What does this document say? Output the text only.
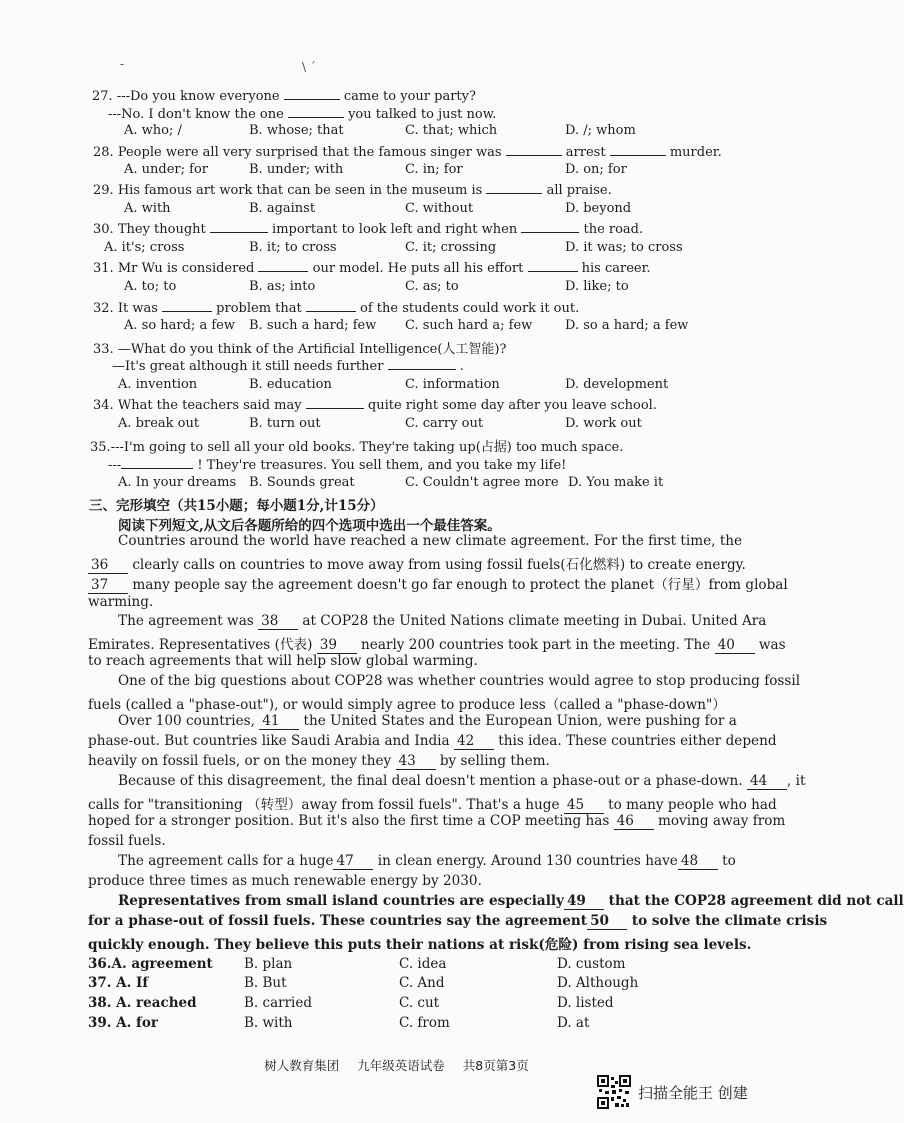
-	\ ˊ
27. ---Do you know everyone	came to your party?
---No. I don't know the one	you talked to just now.
A. who; /	B. whose; that	C. that; which	D. /; whom
28. People were all very surprised that the famous singer was	arrest	murder.
A. under; for	B. under; with	C. in; for	D. on; for
29. His famous art work that can be seen in the museum is	all praise.
A. with	B. against	C. without	D. beyond
30. They thought	important to look left and right when	the road.
A. it's; cross	B. it; to cross	C. it; crossing	D. it was; to cross
31. Mr Wu is considered	our model. He puts all his effort	his career.
A. to; to	B. as; into	C. as; to	D. like; to
32. It was	problem that	of the students could work it out.
A. so hard; a few B. such a hard; few C. such hard a; few	D. so a hard; a few
33. —What do you think of the Artificial Intelligence(人工智能)?
—It's great although it still needs further	.
A. invention	B. education	C. information	D. development
34. What the teachers said may	quite right some day after you leave school.
A. break out	B. turn out	C. carry out	D. work out
35.---I'm going to sell all your old books. They're taking up(占据) too much space.
---	! They're treasures. You sell them, and you take my life!
A. In your dreams B. Sounds great	C. Couldn't agree more D. You make it
三、完形填空（共15小题；每小题1分,计15分）
阅读下列短文,从文后各题所给的四个选项中选出一个最佳答案。
Countries around the world have reached a new climate agreement. For the first time, the
36 clearly calls on countries to move away from using fossil fuels(石化燃料) to create energy.
37 many people say the agreement doesn't go far enough to protect the planet（行星）from global
warming.
The agreement was 38 at COP28 the United Nations climate meeting in Dubai. United Ara
Emirates. Representatives (代表) 39 nearly 200 countries took part in the meeting. The 40 was
to reach agreements that will help slow global warming.
One of the big questions about COP28 was whether countries would agree to stop producing fossil
fuels (called a "phase-out"), or would simply agree to produce less（called a "phase-down"）
Over 100 countries, 41 the United States and the European Union, were pushing for a
phase-out. But countries like Saudi Arabia and India 42 this idea. These countries either depend
heavily on fossil fuels, or on the money they 43 by selling them.
Because of this disagreement, the final deal doesn't mention a phase-out or a phase-down. 44 , it
calls for "transitioning （转型）away from fossil fuels". That's a huge 45 to many people who had
hoped for a stronger position. But it's also the first time a COP meeting has 46 moving away from
fossil fuels.
The agreement calls for a huge 47 in clean energy. Around 130 countries have 48 to
produce three times as much renewable energy by 2030.
Representatives from small island countries are especially 49 that the COP28 agreement did not call
for a phase-out of fossil fuels. These countries say the agreement 50 to solve the climate crisis
quickly enough. They believe this puts their nations at risk(危险) from rising sea levels.
36.A. agreement B. plan	C. idea	D. custom
37. A. If	B. But	C. And	D. Although
38. A. reached	B. carried	C. cut	D. listed
39. A. for	B. with	C. from	D. at
树人教育集团 九年级英语试卷 共8页第3页
扫描全能王 创建
